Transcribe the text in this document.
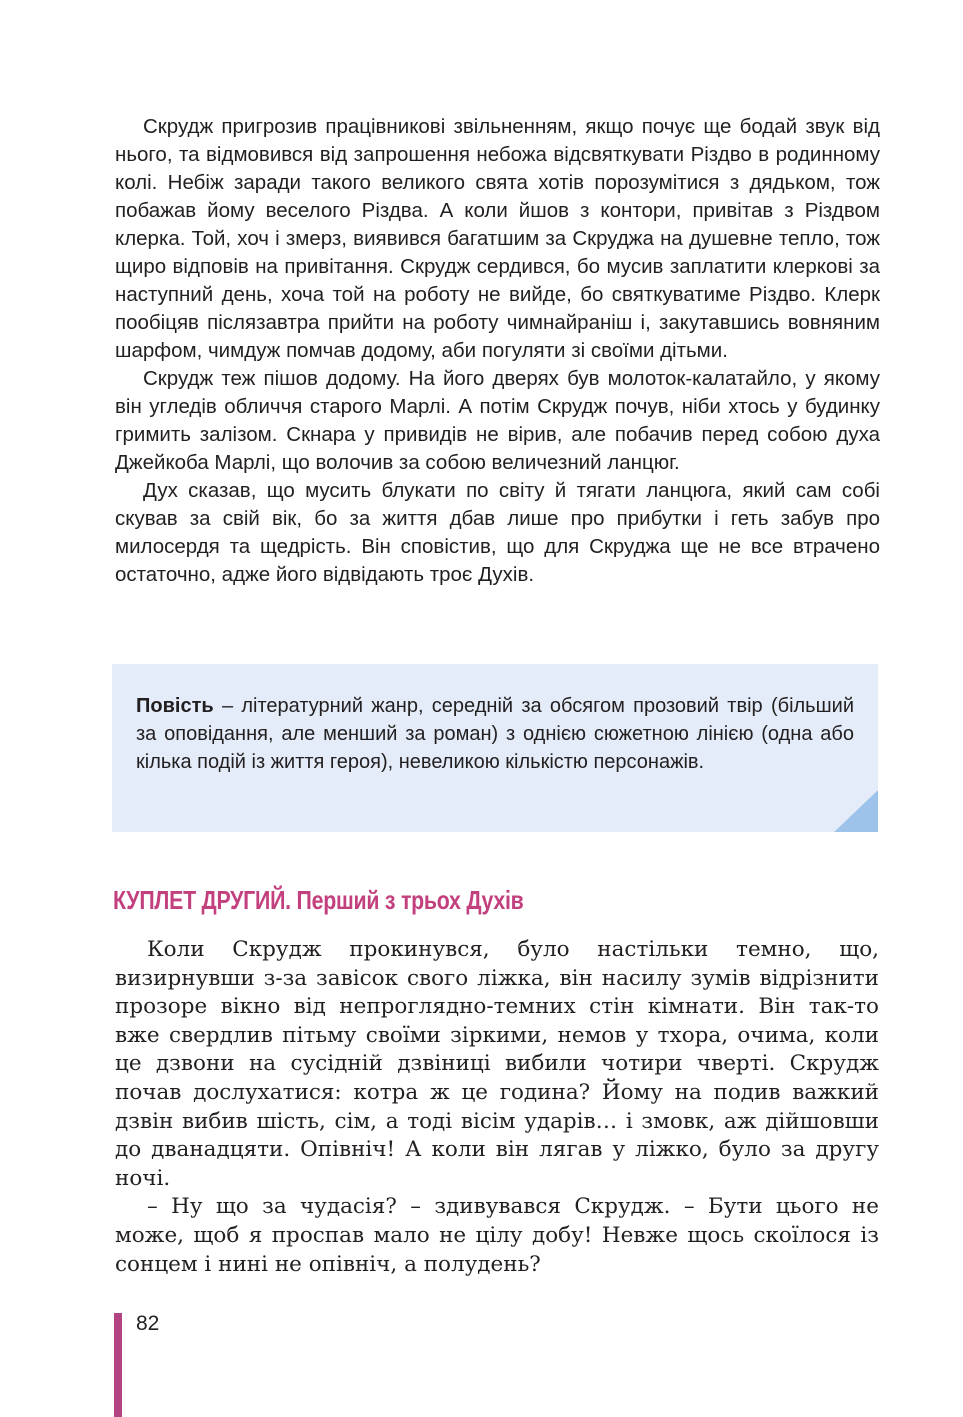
Скрудж пригрозив працівникові звільненням, якщо почує ще бодай звук від нього, та відмовився від запрошення небожа відсвяткувати Різдво в родинному колі. Небіж заради такого великого свята хотів порозумітися з дядьком, тож побажав йому веселого Різдва. А коли йшов з контори, привітав з Різдвом клерка. Той, хоч і змерз, виявився багатшим за Скруджа на душевне тепло, тож щиро відповів на привітання. Скрудж сердився, бо мусив заплатити клеркові за наступний день, хоча той на роботу не вийде, бо святкуватиме Різдво. Клерк пообіцяв післязавтра прийти на роботу чимнайраніш і, закутавшись вовняним шарфом, чимдуж помчав додому, аби погуляти зі своїми дітьми.

Скрудж теж пішов додому. На його дверях був молоток-калатайло, у якому він угледів обличчя старого Марлі. А потім Скрудж почув, ніби хтось у будинку гримить залізом. Скнара у привидів не вірив, але побачив перед собою духа Джейкоба Марлі, що волочив за собою величезний ланцюг.

Дух сказав, що мусить блукати по світу й тягати ланцюга, який сам собі скував за свій вік, бо за життя дбав лише про прибутки і геть забув про милосердя та щедрість. Він сповістив, що для Скруджа ще не все втрачено остаточно, адже його відвідають троє Духів.

Повість – літературний жанр, середній за обсягом прозовий твір (більший за оповідання, але менший за роман) з однією сюжетною лінією (одна або кілька подій із життя героя), невеликою кількістю персонажів.

КУПЛЕТ ДРУГИЙ. Перший з трьох Духів

Коли Скрудж прокинувся, було настільки темно, що, визирнувши з-за завісок свого ліжка, він насилу зумів відрізнити прозоре вікно від непроглядно-темних стін кімнати. Він так-то вже свердлив пітьму своїми зіркими, немов у тхора, очима, коли це дзвони на сусідній дзвіниці вибили чотири чверті. Скрудж почав дослухатися: котра ж це година? Йому на подив важкий дзвін вибив шість, сім, а тоді вісім ударів… і змовк, аж дійшовши до дванадцяти. Опівніч! А коли він лягав у ліжко, було за другу ночі.

– Ну що за чудасія? – здивувався Скрудж. – Бути цього не може, щоб я проспав мало не цілу добу! Невже щось скоїлося із сонцем і нині не опівніч, а полудень?

82
